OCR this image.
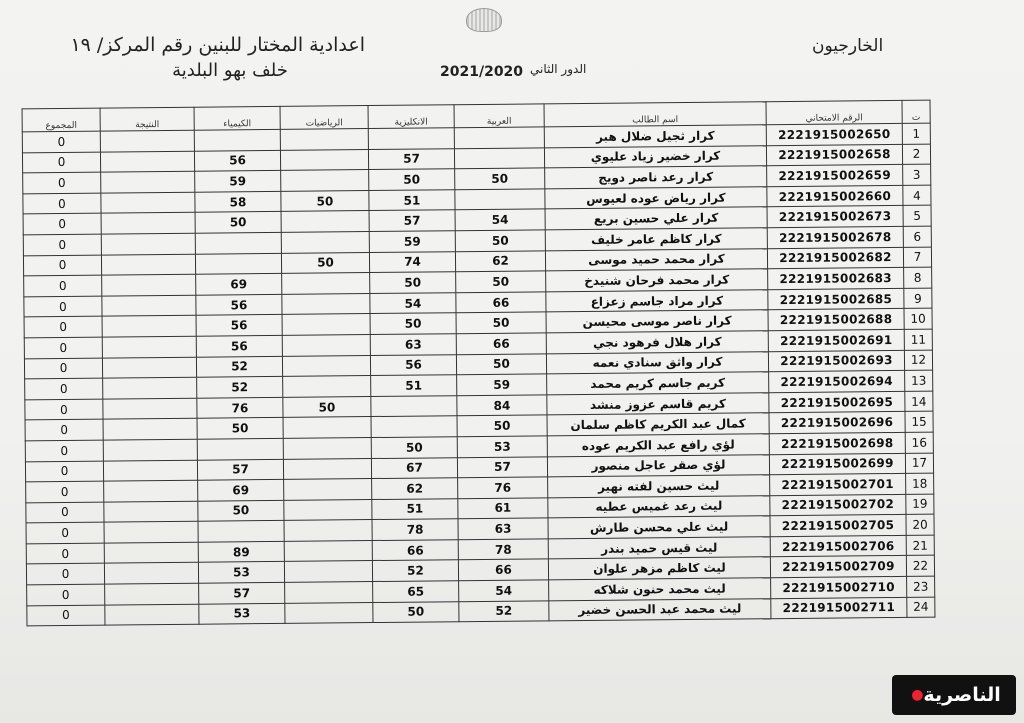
اعدادية المختار للبنين رقم المركز/ ١٩
خلف بهو البلدية	الدور الثاني
2021/2020
الخارجيون
ت	الرقم الامتحاني	اسم الطالب	العربية	الانكليزية	الرياضيات	الكيمياء	النتيجة	المجموع
1	2221915002650	كرار ثجيل ضلال هبر						0
2	2221915002658	كرار خضير زياد عليوي		57		56		0
3	2221915002659	كرار رعد ناصر دويج	50	50		59		0
4	2221915002660	كرار رياض عوده لعيوس		51	50	58		0
5	2221915002673	كرار علي حسين بريع	54	57		50		0
6	2221915002678	كرار كاظم عامر خليف	50	59				0
7	2221915002682	كرار محمد حميد موسى	62	74	50			0
8	2221915002683	كرار محمد فرحان شنيدخ	50	50		69		0
9	2221915002685	كرار مراد جاسم زعزاع	66	54		56		0
10	2221915002688	كرار ناصر موسى محيسن	50	50		56		0
11	2221915002691	كرار هلال فرهود نجي	66	63		56		0
12	2221915002693	كرار واثق سنادي نعمه	50	56		52		0
13	2221915002694	كريم جاسم كريم محمد	59	51		52		0
14	2221915002695	كريم قاسم عزوز منشد	84		50	76		0
15	2221915002696	كمال عبد الكريم كاظم سلمان	50			50		0
16	2221915002698	لؤي رافع عبد الكريم عوده	53	50				0
17	2221915002699	لؤي صقر عاجل منصور	57	67		57		0
18	2221915002701	ليث حسين لفته نهير	76	62		69		0
19	2221915002702	ليث رعد غميس عطيه	61	51		50		0
20	2221915002705	ليث علي محسن طارش	63	78				0
21	2221915002706	ليث قيس حميد بندر	78	66		89		0
22	2221915002709	ليث كاظم مزهر علوان	66	52		53		0
23	2221915002710	ليث محمد حنون شلاكه	54	65		57		0
24	2221915002711	ليث محمد عبد الحسن خضير	52	50		53		0
الناصرية
●
